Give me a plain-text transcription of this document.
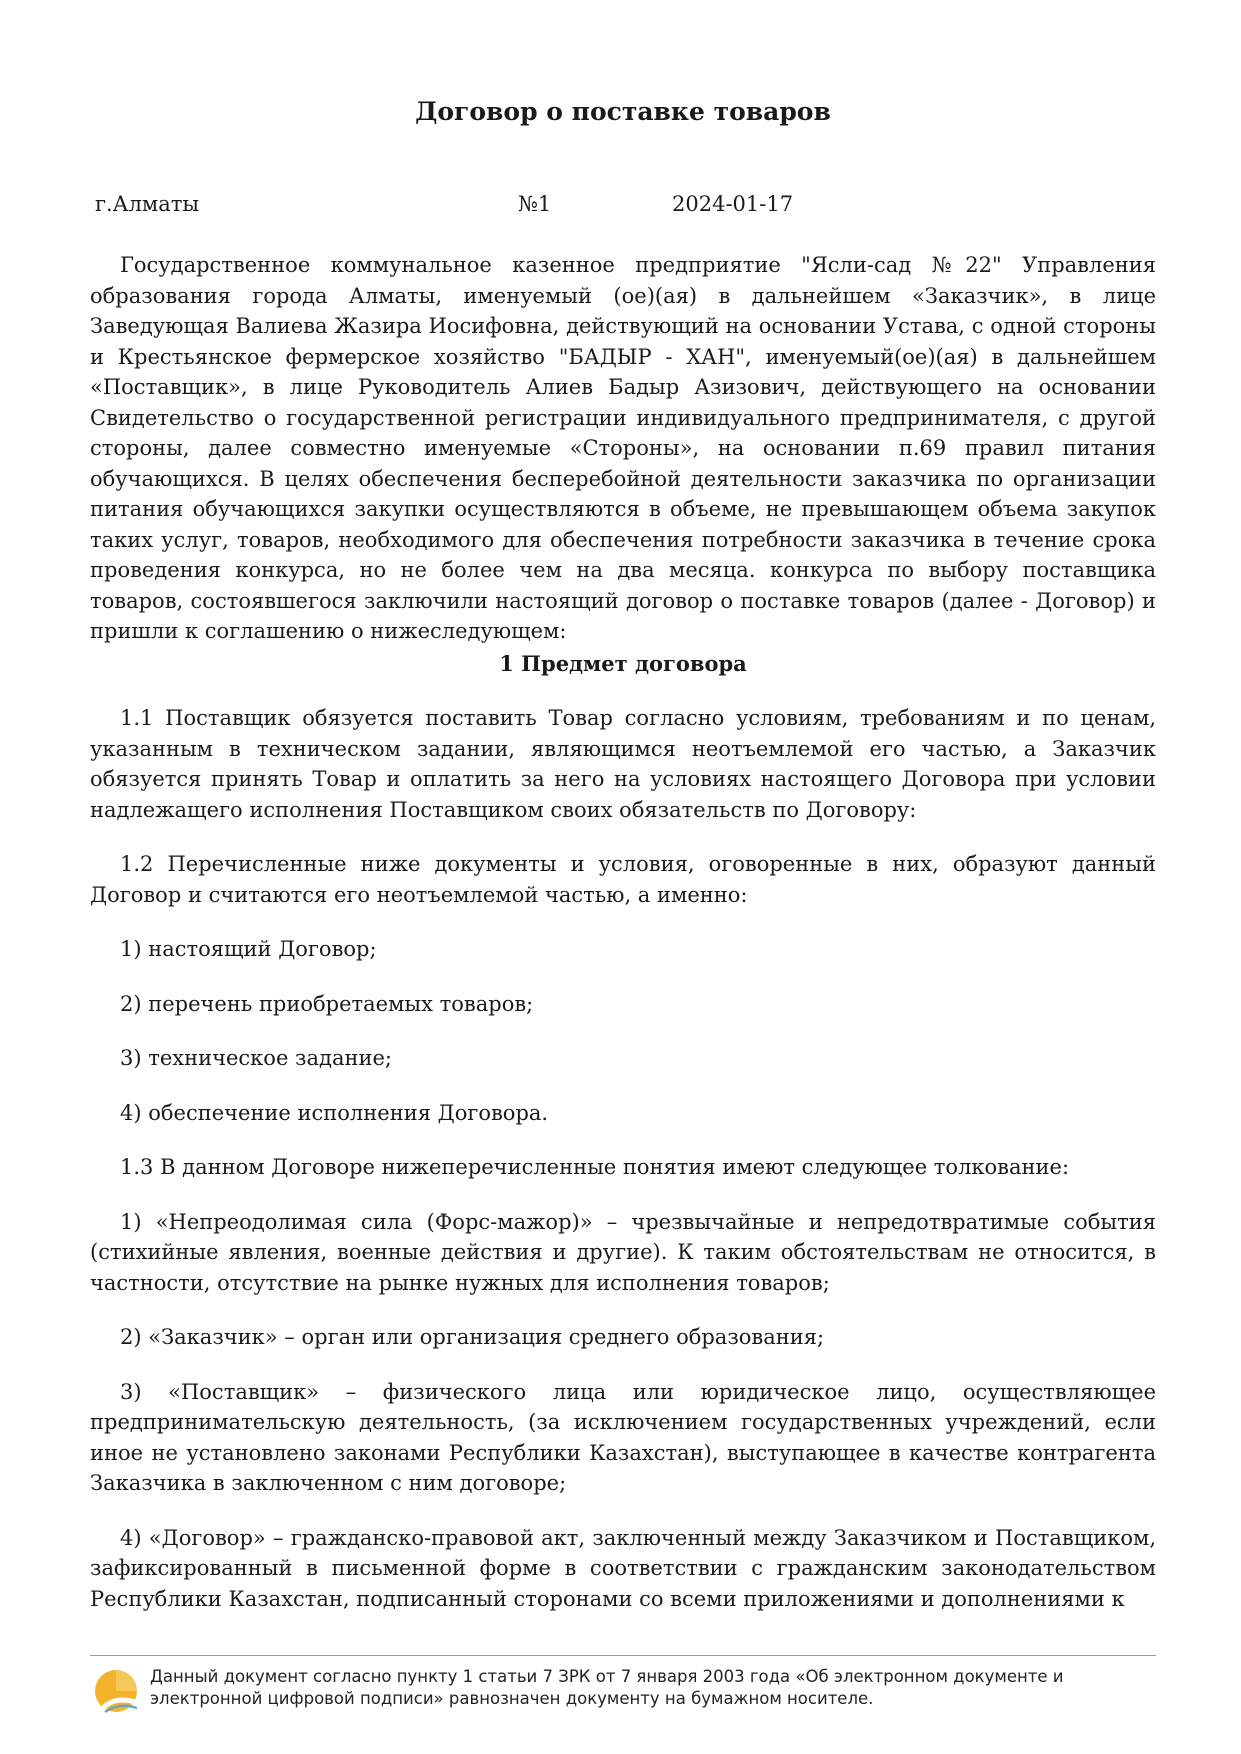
Договор о поставке товаров
г.Алматы	№1	2024-01-17

Государственное коммунальное казенное предприятие "Ясли-сад №22" Управления образования города Алматы, именуемый (ое)(ая) в дальнейшем «Заказчик», в лице Заведующая Валиева Жазира Иосифовна, действующий на основании Устава, с одной стороны и Крестьянское фермерское хозяйство "БАДЫР - ХАН", именуемый(ое)(ая) в дальнейшем «Поставщик», в лице Руководитель Алиев Бадыр Азизович, действующего на основании Свидетельство о государственной регистрации индивидуального предпринимателя, с другой стороны, далее совместно именуемые «Стороны», на основании п.69 правил питания обучающихся. В целях обеспечения бесперебойной деятельности заказчика по организации питания обучающихся закупки осуществляются в объеме, не превышающем объема закупок таких услуг, товаров, необходимого для обеспечения потребности заказчика в течение срока проведения конкурса, но не более чем на два месяца. конкурса по выбору поставщика товаров, состоявшегося заключили настоящий договор о поставке товаров (далее - Договор) и пришли к соглашению о нижеследующем:

1 Предмет договора

1.1 Поставщик обязуется поставить Товар согласно условиям, требованиям и по ценам, указанным в техническом задании, являющимся неотъемлемой его частью, а Заказчик обязуется принять Товар и оплатить за него на условиях настоящего Договора при условии надлежащего исполнения Поставщиком своих обязательств по Договору:

1.2 Перечисленные ниже документы и условия, оговоренные в них, образуют данный Договор и считаются его неотъемлемой частью, а именно:

1) настоящий Договор;

2) перечень приобретаемых товаров;

3) техническое задание;

4) обеспечение исполнения Договора.

1.3 В данном Договоре нижеперечисленные понятия имеют следующее толкование:

1) «Непреодолимая сила (Форс-мажор)» – чрезвычайные и непредотвратимые события (стихийные явления, военные действия и другие). К таким обстоятельствам не относится, в частности, отсутствие на рынке нужных для исполнения товаров;

2) «Заказчик» – орган или организация среднего образования;

3) «Поставщик» – физического лица или юридическое лицо, осуществляющее предпринимательскую деятельность, (за исключением государственных учреждений, если иное не установлено законами Республики Казахстан), выступающее в качестве контрагента Заказчика в заключенном с ним договоре;

4) «Договор» – гражданско-правовой акт, заключенный между Заказчиком и Поставщиком, зафиксированный в письменной форме в соответствии с гражданским законодательством Республики Казахстан, подписанный сторонами со всеми приложениями и дополнениями к

Данный документ согласно пункту 1 статьи 7 ЗРК от 7 января 2003 года «Об электронном документе и электронной цифровой подписи» равнозначен документу на бумажном носителе.
